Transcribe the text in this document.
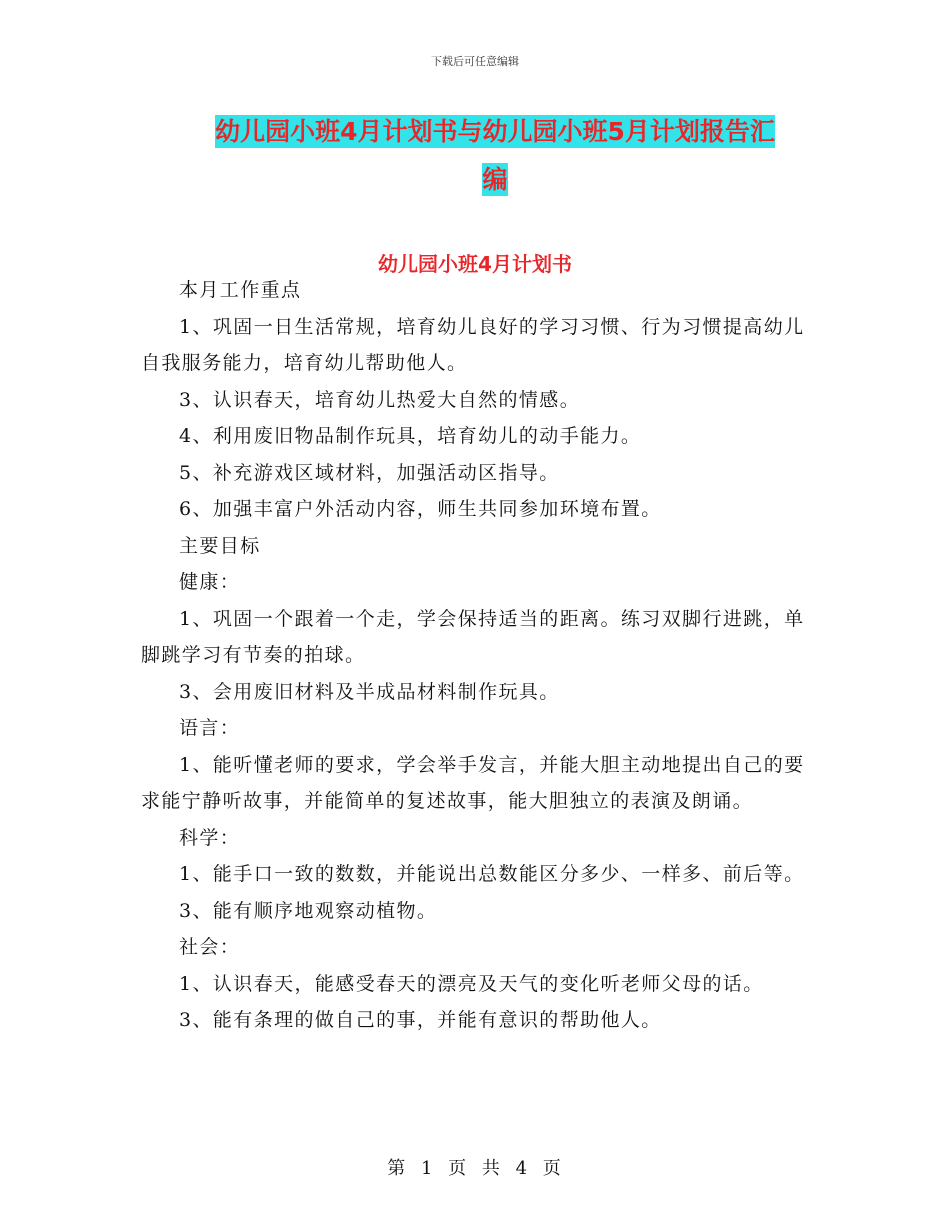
下载后可任意编辑
幼儿园小班4月计划书与幼儿园小班5月计划报告汇
编
幼儿园小班4月计划书

本月工作重点

1、巩固一日生活常规，培育幼儿良好的学习习惯、行为习惯提高幼儿自我服务能力，培育幼儿帮助他人。

3、认识春天，培育幼儿热爱大自然的情感。

4、利用废旧物品制作玩具，培育幼儿的动手能力。

5、补充游戏区域材料，加强活动区指导。

6、加强丰富户外活动内容，师生共同参加环境布置。

主要目标

健康：

1、巩固一个跟着一个走，学会保持适当的距离。练习双脚行进跳，单脚跳学习有节奏的拍球。

3、会用废旧材料及半成品材料制作玩具。

语言：

1、能听懂老师的要求，学会举手发言，并能大胆主动地提出自己的要求能宁静听故事，并能简单的复述故事，能大胆独立的表演及朗诵。

科学：

1、能手口一致的数数，并能说出总数能区分多少、一样多、前后等。

3、能有顺序地观察动植物。

社会：

1、认识春天，能感受春天的漂亮及天气的变化听老师父母的话。

3、能有条理的做自己的事，并能有意识的帮助他人。

第 1 页 共 4 页
